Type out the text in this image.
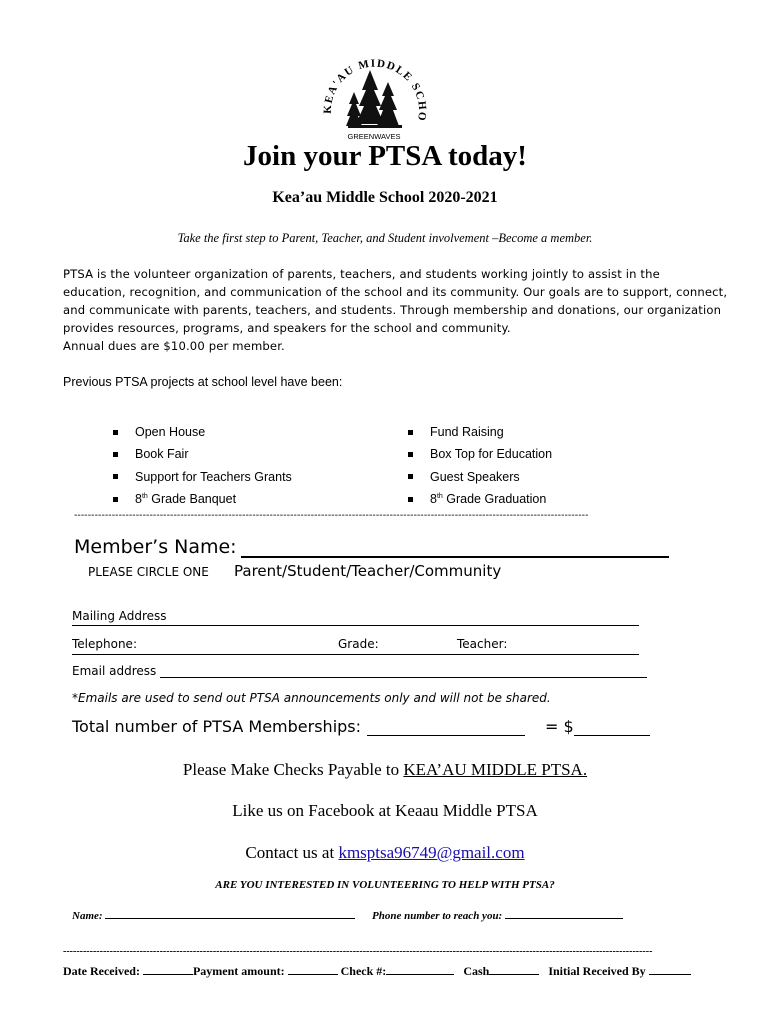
KEA'AU MIDDLE SCHO
GREENWAVES
Join your PTSA today!
Kea’au Middle School 2020-2021
Take the first step to Parent, Teacher, and Student involvement –Become a member.
PTSA is the volunteer organization of parents, teachers, and students working jointly to assist in the
education, recognition, and communication of the school and its community. Our goals are to support, connect,
and communicate with parents, teachers, and students. Through membership and donations, our organization
provides resources, programs, and speakers for the school and community.
Annual dues are $10.00 per member.
Previous PTSA projects at school level have been:
Open House
Book Fair
Support for Teachers Grants
8th Grade Banquet
Fund Raising
Box Top for Education
Guest Speakers
8th Grade Graduation
------------------------------------------------------------------------------------------------------------------------------------------------------
Member’s Name:
PLEASE CIRCLE ONE Parent/Student/Teacher/Community
Mailing Address
Telephone:	Grade:	Teacher:
Email address
*Emails are used to send out PTSA announcements only and will not be shared.
Total number of PTSA Memberships:	= $
Please Make Checks Payable to KEA’AU MIDDLE PTSA.
Like us on Facebook at Keaau Middle PTSA
Contact us at kmsptsa96749@gmail.com
ARE YOU INTERESTED IN VOLUNTEERING TO HELP WITH PTSA?
Name:	Phone number to reach you:
---------------------------------------------------------------------------------------------------------------------------------------------------------------------------------
Date Received:	Payment amount:	Check #:	Cash	Initial Received By
